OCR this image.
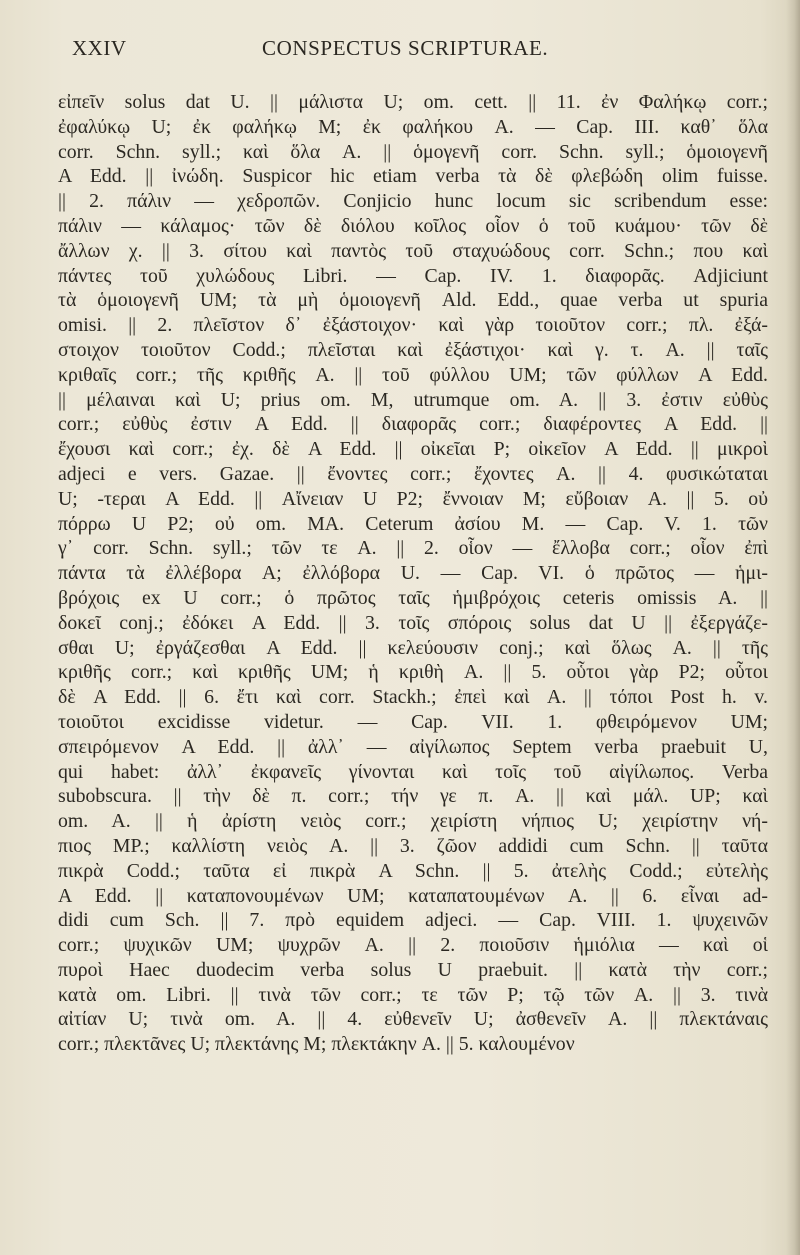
XXIV	CONSPECTUS SCRIPTURAE.
εἰπεῖν solus dat U. || μάλιστα U; om. cett. || 11. ἐν Φαλήκῳ corr.;
ἐφαλύκῳ U; ἐκ φαλήκῳ M; ἐκ φαλήκου A. — Cap. III. καθ᾽ ὅλα
corr. Schn. syll.; καὶ ὅλα A. || ὁμογενῆ corr. Schn. syll.; ὁμοιογενῆ
A Edd. || ἰνώδη. Suspicor hic etiam verba τὰ δὲ φλεβώδη olim fuisse.
|| 2. πάλιν — χεδροπῶν. Conjicio hunc locum sic scribendum esse:
πάλιν — κάλαμος· τῶν δὲ διόλου κοῖλος οἷον ὁ τοῦ κυάμου· τῶν δὲ
ἄλλων χ. || 3. σίτου καὶ παντὸς τοῦ σταχυώδους corr. Schn.; που καὶ
πάντες τοῦ χυλώδους Libri. — Cap. IV. 1. διαφορᾶς. Adjiciunt
τὰ ὁμοιογενῆ UM; τὰ μὴ ὁμοιογενῆ Ald. Edd., quae verba ut spuria
omisi. || 2. πλεῖστον δ᾽ ἐξάστοιχον· καὶ γὰρ τοιοῦτον corr.; πλ. ἐξά-
στοιχον τοιοῦτον Codd.; πλεῖσται καὶ ἐξάστιχοι· καὶ γ. τ. A. || ταῖς
κριθαῖς corr.; τῆς κριθῆς A. || τοῦ φύλλου UM; τῶν φύλλων A Edd.
|| μέλαιναι καὶ U; prius om. M, utrumque om. A. || 3. ἐστιν εὐθὺς
corr.; εὐθὺς ἐστιν A Edd. || διαφορᾶς corr.; διαφέροντες A Edd. ||
ἔχουσι καὶ corr.; ἐχ. δὲ A Edd. || οἰκεῖαι P; οἰκεῖον A Edd. || μικροὶ
adjeci e vers. Gazae. || ἔνοντες corr.; ἔχοντες A. || 4. φυσικώταται
U; -τεραι A Edd. || Αἴνειαν U P2; ἔννοιαν M; εὔβοιαν A. || 5. οὐ
πόρρω U P2; οὐ om. MA. Ceterum ἀσίου M. — Cap. V. 1. τῶν
γ᾽ corr. Schn. syll.; τῶν τε A. || 2. οἷον — ἔλλοβα corr.; οἷον ἐπὶ
πάντα τὰ ἐλλέβορα A; ἐλλόβορα U. — Cap. VI. ὁ πρῶτος — ἡμι-
βρόχοις ex U corr.; ὁ πρῶτος ταῖς ἡμιβρόχοις ceteris omissis A. ||
δοκεῖ conj.; ἐδόκει A Edd. || 3. τοῖς σπόροις solus dat U || ἐξεργάζε-
σθαι U; ἐργάζεσθαι A Edd. || κελεύουσιν conj.; καὶ ὅλως A. || τῆς
κριθῆς corr.; καὶ κριθῆς UM; ἡ κριθὴ A. || 5. οὗτοι γὰρ P2; οὗτοι
δὲ A Edd. || 6. ἔτι καὶ corr. Stackh.; ἐπεὶ καὶ A. || τόποι Post h. v.
τοιοῦτοι excidisse videtur. — Cap. VII. 1. φθειρόμενον UM;
σπειρόμενον A Edd. || ἀλλ᾽ — αἰγίλωπος Septem verba praebuit U,
qui habet: ἀλλ᾽ ἐκφανεῖς γίνονται καὶ τοῖς τοῦ αἰγίλωπος. Verba
subobscura. || τὴν δὲ π. corr.; τήν γε π. A. || καὶ μάλ. UP; καὶ
om. A. || ἡ ἀρίστη νειὸς corr.; χειρίστη νήπιος U; χειρίστην νή-
πιος MP.; καλλίστη νειὸς A. || 3. ζῶον addidi cum Schn. || ταῦτα
πικρὰ Codd.; ταῦτα εἰ πικρὰ A Schn. || 5. ἀτελὴς Codd.; εὐτελὴς
A Edd. || καταπονουμένων UM; καταπατουμένων A. || 6. εἶναι ad-
didi cum Sch. || 7. πρὸ equidem adjeci. — Cap. VIII. 1. ψυχεινῶν
corr.; ψυχικῶν UM; ψυχρῶν A. || 2. ποιοῦσιν ἡμιόλια — καὶ οἱ
πυροὶ Haec duodecim verba solus U praebuit. || κατὰ τὴν corr.;
κατὰ om. Libri. || τινὰ τῶν corr.; τε τῶν P; τῷ τῶν A. || 3. τινὰ
αἰτίαν U; τινὰ om. A. || 4. εὐθενεῖν U; ἀσθενεῖν A. || πλεκτάναις
corr.; πλεκτᾶνες U; πλεκτάνης M; πλεκτάκην A. || 5. καλουμένον
